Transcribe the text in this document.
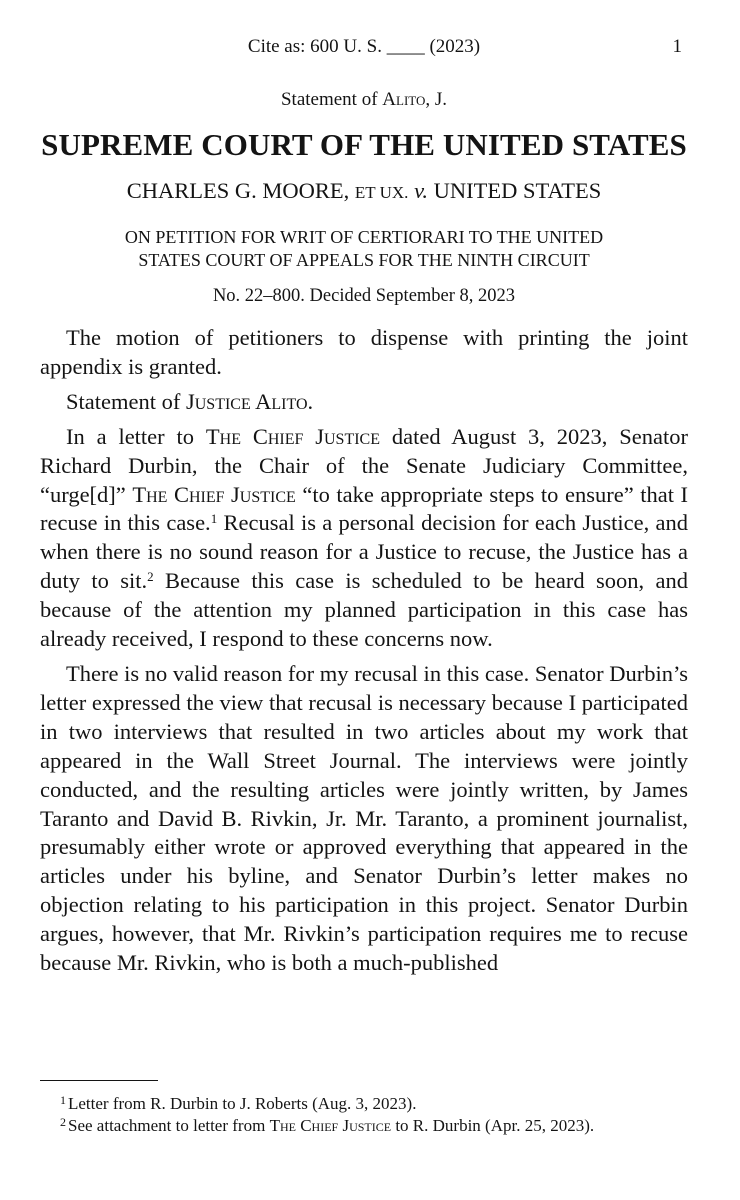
Cite as: 600 U. S. ____ (2023)	1
Statement of Alito, J.
SUPREME COURT OF THE UNITED STATES
CHARLES G. MOORE, ET UX. v. UNITED STATES
ON PETITION FOR WRIT OF CERTIORARI TO THE UNITED
STATES COURT OF APPEALS FOR THE NINTH CIRCUIT
No. 22–800. Decided September 8, 2023

The motion of petitioners to dispense with printing the joint appendix is granted.

Statement of Justice Alito.

In a letter to The Chief Justice dated August 3, 2023, Senator Richard Durbin, the Chair of the Senate Judiciary Committee, “urge[d]” The Chief Justice “to take appropriate steps to ensure” that I recuse in this case.$^1$ Recusal is a personal decision for each Justice, and when there is no sound reason for a Justice to recuse, the Justice has a duty to sit.$^2$ Because this case is scheduled to be heard soon, and because of the attention my planned participation in this case has already received, I respond to these concerns now.

There is no valid reason for my recusal in this case. Senator Durbin’s letter expressed the view that recusal is necessary because I participated in two interviews that resulted in two articles about my work that appeared in the Wall Street Journal. The interviews were jointly conducted, and the resulting articles were jointly written, by James Taranto and David B. Rivkin, Jr. Mr. Taranto, a prominent journalist, presumably either wrote or approved everything that appeared in the articles under his byline, and Senator Durbin’s letter makes no objection relating to his participation in this project. Senator Durbin argues, however, that Mr. Rivkin’s participation requires me to recuse because Mr. Rivkin, who is both a much-published

$^1$ Letter from R. Durbin to J. Roberts (Aug. 3, 2023).

$^2$ See attachment to letter from The Chief Justice to R. Durbin (Apr. 25, 2023).
